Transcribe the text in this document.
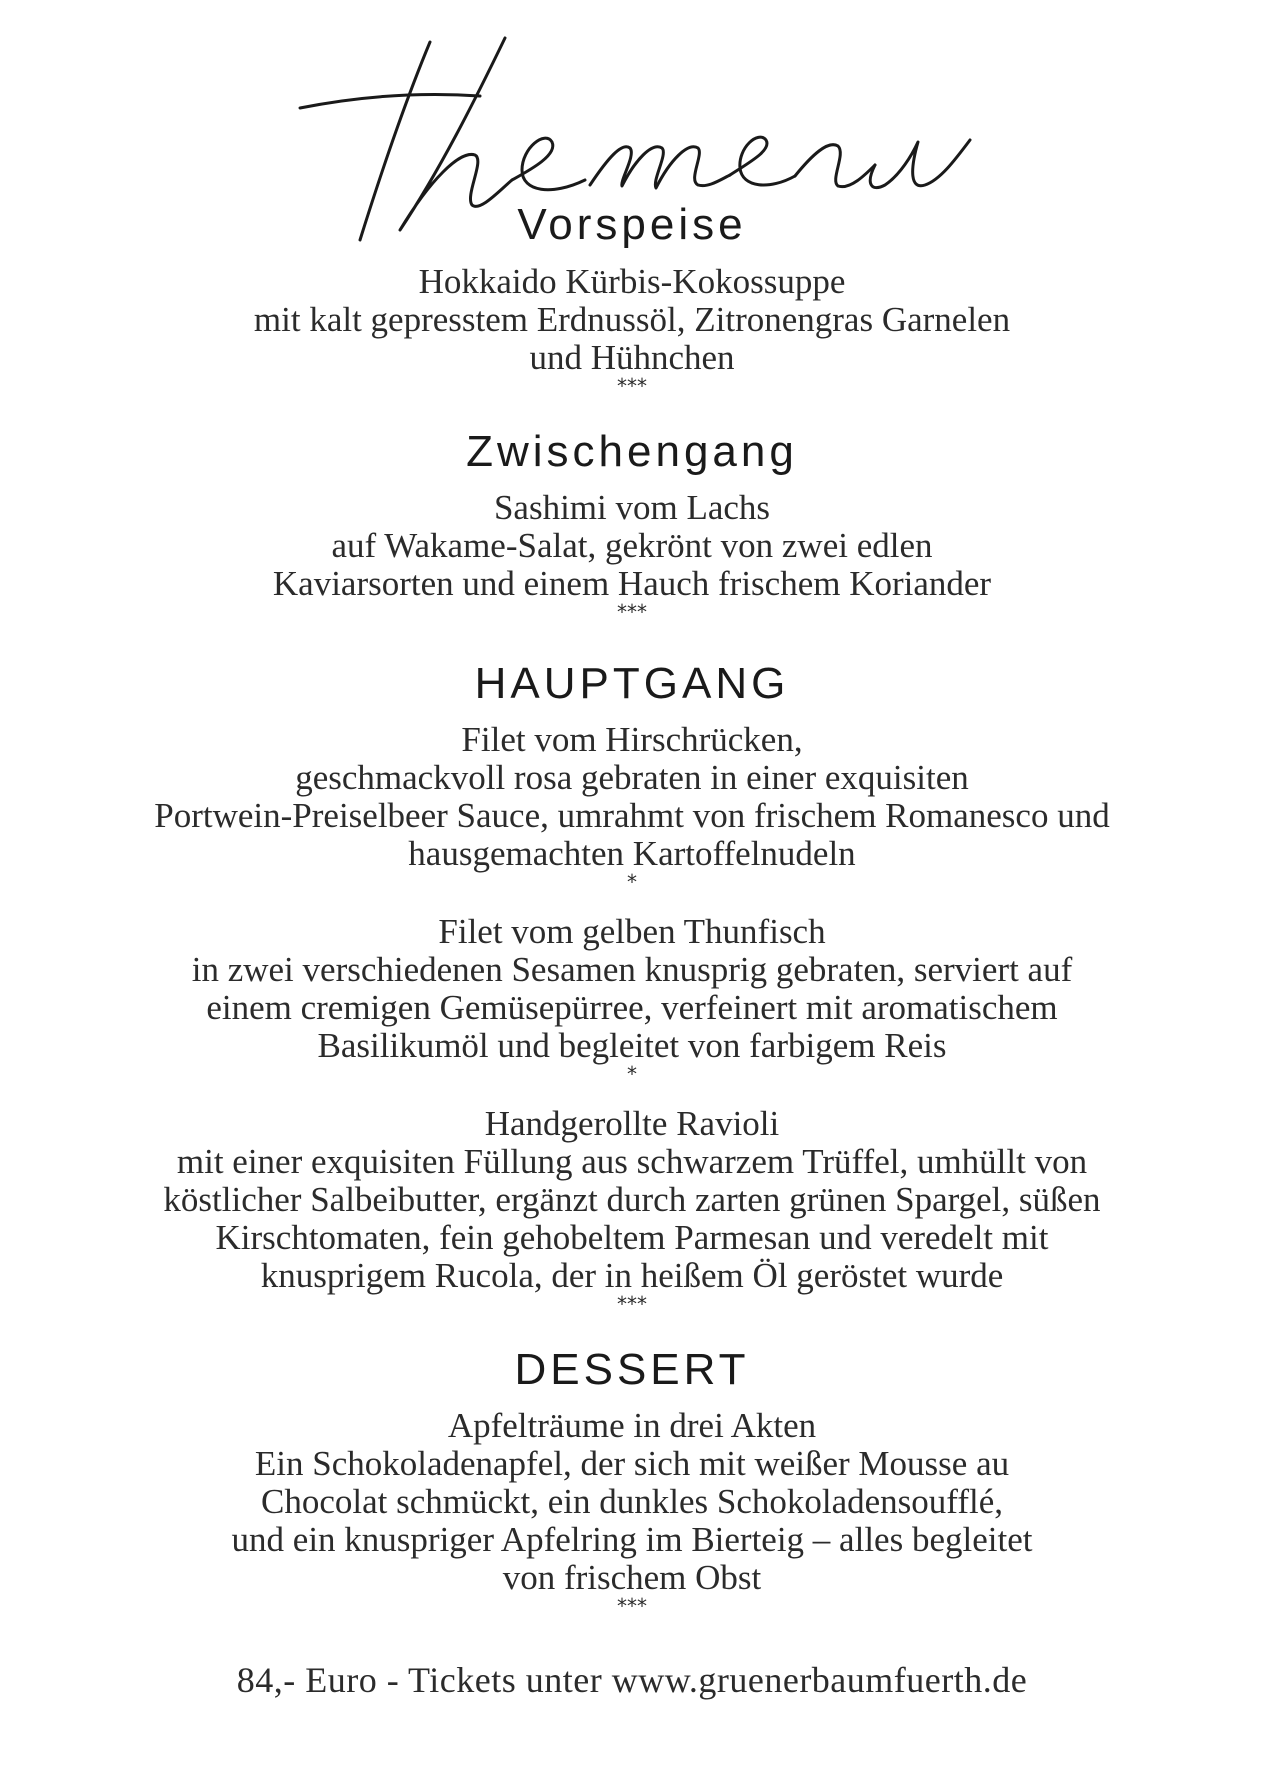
Vorspeise
Hokkaido Kürbis-Kokossuppe
mit kalt gepresstem Erdnussöl, Zitronengras Garnelen
und Hühnchen
***
Zwischengang
Sashimi vom Lachs
auf Wakame-Salat, gekrönt von zwei edlen
Kaviarsorten und einem Hauch frischem Koriander
***
HAUPTGANG
Filet vom Hirschrücken,
geschmackvoll rosa gebraten in einer exquisiten
Portwein-Preiselbeer Sauce, umrahmt von frischem Romanesco und
hausgemachten Kartoffelnudeln
*
Filet vom gelben Thunfisch
in zwei verschiedenen Sesamen knusprig gebraten, serviert auf
einem cremigen Gemüsepürree, verfeinert mit aromatischem
Basilikumöl und begleitet von farbigem Reis
*
Handgerollte Ravioli
mit einer exquisiten Füllung aus schwarzem Trüffel, umhüllt von
köstlicher Salbeibutter, ergänzt durch zarten grünen Spargel, süßen
Kirschtomaten, fein gehobeltem Parmesan und veredelt mit
knusprigem Rucola, der in heißem Öl geröstet wurde
***
DESSERT
Apfelträume in drei Akten
Ein Schokoladenapfel, der sich mit weißer Mousse au
Chocolat schmückt, ein dunkles Schokoladensoufflé,
und ein knuspriger Apfelring im Bierteig – alles begleitet
von frischem Obst
***
84,- Euro - Tickets unter www.gruenerbaumfuerth.de
